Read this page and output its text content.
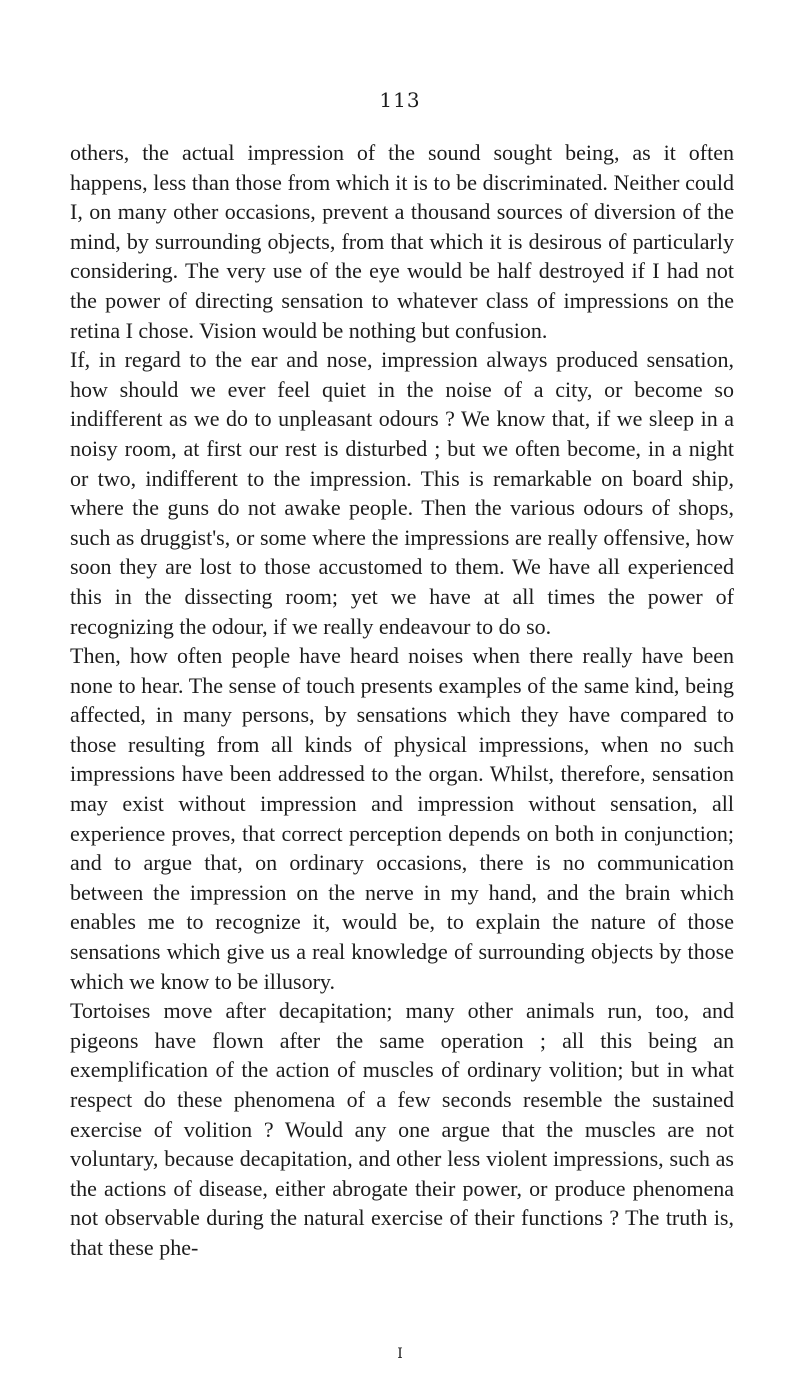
113

others, the actual impression of the sound sought being, as it often happens, less than those from which it is to be discriminated. Neither could I, on many other occasions, prevent a thousand sources of diversion of the mind, by surrounding objects, from that which it is desirous of particularly considering. The very use of the eye would be half destroyed if I had not the power of directing sensation to whatever class of impressions on the retina I chose. Vision would be nothing but confusion.

If, in regard to the ear and nose, impression always produced sensation, how should we ever feel quiet in the noise of a city, or become so indifferent as we do to unpleasant odours ? We know that, if we sleep in a noisy room, at first our rest is disturbed ; but we often become, in a night or two, indifferent to the impression. This is remarkable on board ship, where the guns do not awake people. Then the various odours of shops, such as druggist's, or some where the impressions are really offensive, how soon they are lost to those accustomed to them. We have all experienced this in the dissecting room; yet we have at all times the power of recognizing the odour, if we really endeavour to do so.

Then, how often people have heard noises when there really have been none to hear. The sense of touch presents examples of the same kind, being affected, in many persons, by sensations which they have compared to those resulting from all kinds of physical impressions, when no such impressions have been addressed to the organ. Whilst, therefore, sensation may exist without impression and impression without sensation, all experience proves, that correct perception depends on both in conjunction; and to argue that, on ordinary occasions, there is no communication between the impression on the nerve in my hand, and the brain which enables me to recognize it, would be, to explain the nature of those sensations which give us a real knowledge of surrounding objects by those which we know to be illusory.

Tortoises move after decapitation; many other animals run, too, and pigeons have flown after the same operation ; all this being an exemplification of the action of muscles of ordinary volition; but in what respect do these phenomena of a few seconds resemble the sustained exercise of volition ? Would any one argue that the muscles are not voluntary, because decapitation, and other less violent impressions, such as the actions of disease, either abrogate their power, or produce phenomena not observable during the natural exercise of their functions ? The truth is, that these phe-

I
